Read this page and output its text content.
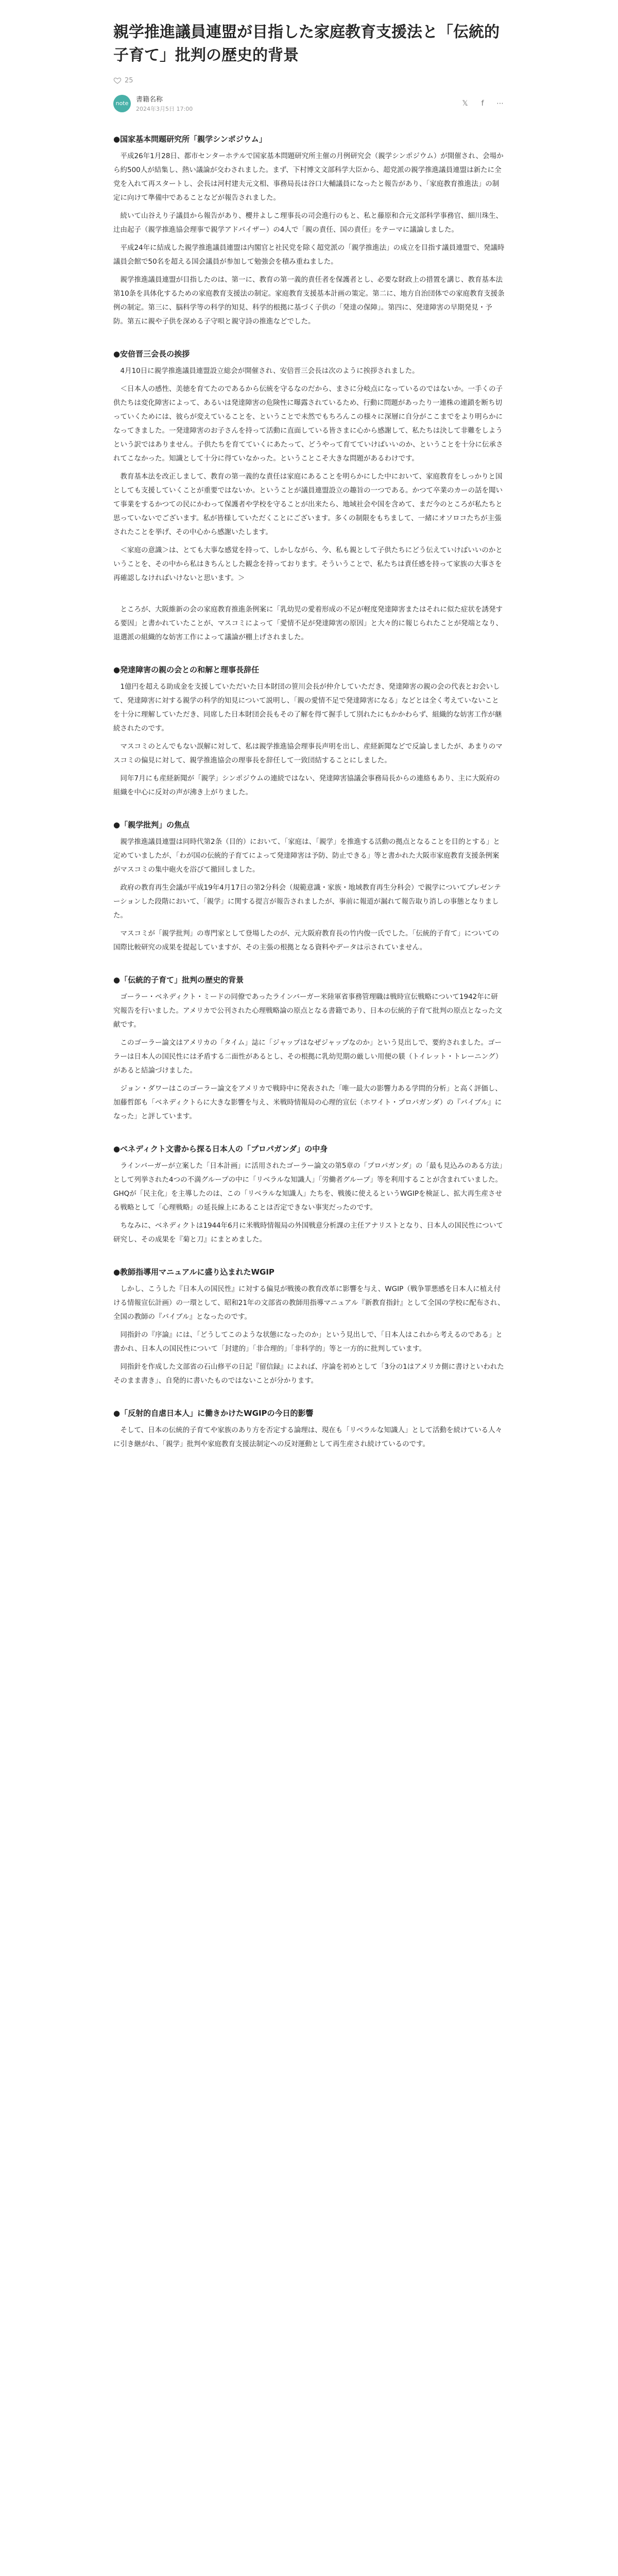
親学推進議員連盟が目指した家庭教育支援法と「伝統的子育て」批判の歴史的背景
25
note	書籍名称
2024年3月5日 17:00
𝕏	f	⋯
●国家基本問題研究所「親学シンポジウム」

平成26年1月28日、都市センターホテルで国家基本問題研究所主催の月例研究会（親学シンポジウム）が開催され、会場から約500人が結集し、熱い議論が交わされました。まず、下村博文文部科学大臣から、超党派の親学推進議員連盟は新たに全党を入れて再スタートし、会長は河村建夫元文相、事務局長は谷口大輔議員になったと報告があり、「家庭教育推進法」の制定に向けて準備中であることなどが報告されました。

続いて山谷えり子議員から報告があり、櫻井よしこ理事長の司会進行のもと、私と藤原和合元文部科学事務官、細川珠生、辻由起子（親学推進協会理事で親学アドバイザー）の4人で「親の責任、国の責任」をテーマに議論しました。

平成24年に結成した親学推進議員連盟は内閣官と社民党を除く超党派の「親学推進法」の成立を目指す議員連盟で、発議時議員会館で50名を超える国会議員が参加して勉強会を積み重ねました。

親学推進議員連盟が目指したのは、第一に、教育の第一義的責任者を保護者とし、必要な財政上の措置を講じ、教育基本法第10条を具体化するための家庭教育支援法の制定。家庭教育支援基本計画の策定。第二に、地方自治団体での家庭教育支援条例の制定。第三に、脳科学等の科学的知見、科学的根拠に基づく子供の「発達の保障」。第四に、発達障害の早期発見・予防。第五に親や子供を深める子守唄と親守詩の推進などでした。

●安倍晋三会長の挨拶

4月10日に親学推進議員連盟設立総会が開催され、安倍晋三会長は次のように挨拶されました。

＜日本人の感性、美徳を育てたのであるから伝統を守るなのだから、まさに分岐点になっているのではないか。一手くの子供たちは変化障害によって、あるいは発達障害の危険性に曝露されているため、行動に問題があったり一連株の連鎖を断ち切っていくためには、彼らが変えていることを、ということで未然でもちろんこの様々に深層に自分がここまでをより明らかになってきました。一発達障害のお子さんを持って活動に直面している皆さまに心から感謝して、私たちは決して非難をしようという訳ではありません。子供たちを育てていくにあたって、どうやって育てていけばいいのか、ということを十分に伝承されてこなかった。知識として十分に得ていなかった。ということこそ大きな問題があるわけです。

教育基本法を改正しまして、教育の第一義的な責任は家庭にあることを明らかにした中において、家庭教育をしっかりと国としても支援していくことが重要ではないか。ということが議員連盟設立の趣旨の一つである。かつて卒業のカーの話を聞いて事業をするかつての民にかわって保護者や学校を守ることが出来たら、地域社会や国を含めて、まだ今のところが私たちと思っていないでございます。私が皆様していただくことにございます。多くの制限をもちまして、一緒にオソロコたちが主張されたことを挙げ、その中心から感謝いたします。

＜家庭の意識＞は、とても大事な感覚を持って、しかしながら、今、私も親として子供たちにどう伝えていけばいいのかということを、その中から私はきちんとした観念を持っております。そういうことで、私たちは責任感を持って家族の大事さを再確認しなければいけないと思います。＞

ところが、大阪維新の会の家庭教育推進条例案に「乳幼児の愛着形成の不足が軽度発達障害またはそれに似た症状を誘発する要因」と書かれていたことが、マスコミによって「愛情不足が発達障害の原因」と大々的に報じられたことが発端となり、退選派の組織的な妨害工作によって議論が棚上げされました。

●発達障害の親の会との和解と理事長辞任

1億円を超える助成金を支援していただいた日本財団の笹川会長が仲介していただき、発達障害の親の会の代表とお会いして、発達障害に対する親学の科学的知見について説明し、「親の愛情不足で発達障害になる」などとは全く考えていないことを十分に理解していただき、同席した日本財団会長もその了解を得て握手して別れたにもかかわらず、組織的な妨害工作が継続されたのです。

マスコミのとんでもない誤解に対して、私は親学推進協会理事長声明を出し、産経新聞などで反論しましたが、あまりのマスコミの偏見に対して、親学推進協会の理事長を辞任して一致団結することにしました。

同年7月にも産経新聞が「親学」シンポジウムの連続ではない、発達障害協議会事務局長からの連絡もあり、主に大阪府の組織を中心に反対の声が沸き上がりました。

●「親学批判」の焦点

親学推進議員連盟は同時代第2条（目的）において、「家庭は、「親学」を推進する活動の拠点となることを目的とする」と定めていましたが、「わが国の伝統的子育てによって発達障害は予防、防止できる」等と書かれた大阪市家庭教育支援条例案がマスコミの集中砲火を浴びて撤回しました。

政府の教育再生会議が平成19年4月17日の第2分科会（規範意識・家族・地域教育再生分科会）で親学についてプレゼンテーションした段階において、「親学」に関する提言が報告されましたが、事前に報道が漏れて報告取り消しの事態となりました。

マスコミが「親学批判」の専門家として登場したのが、元大阪府教育長の竹内俊一氏でした。「伝統的子育て」についての国際比較研究の成果を提起していますが、その主張の根拠となる資料やデータは示されていません。

●「伝統的子育て」批判の歴史的背景

ゴーラー・ベネディクト・ミードの同僚であったラインバーガー米陸軍省事務管理職は戦時宣伝戦略について1942年に研究報告を行いました。アメリカで公刊された心理戦略論の原点となる書籍であり、日本の伝統的子育て批判の原点となった文献です。

このゴーラー論文はアメリカの「タイム」誌に「ジャップはなぜジャップなのか」という見出しで、要約されました。ゴーラーは日本人の国民性には矛盾する二面性があるとし、その根拠に乳幼児期の厳しい用便の躾（トイレット・トレーニング）があると結論づけました。

ジョン・ダワーはこのゴーラー論文をアメリカで戦時中に発表された「唯一最大の影響力ある学問的分析」と高く評価し、加藤哲郎も「ベネディクトらに大きな影響を与え、米戦時情報局の心理的宣伝（ホワイト・プロパガンダ）の『バイブル』になった」と評しています。

●ベネディクト文書から探る日本人の「プロパガンダ」の中身

ラインバーガーが立案した「日本計画」に活用されたゴーラー論文の第5章の「プロパガンダ」の「最も見込みのある方法」として列挙された4つの不満グループの中に「リベラルな知識人」「労働者グループ」等を利用することが含まれていました。GHQが「民主化」を主導したのは、この「リベラルな知識人」たちを、戦後に使えるというWGIPを検証し、拡大再生産させる戦略として「心理戦略」の延長線上にあることは否定できない事実だったのです。

ちなみに、ベネディクトは1944年6月に米戦時情報局の外国戦意分析課の主任アナリストとなり、日本人の国民性について研究し、その成果を『菊と刀』にまとめました。

●教師指導用マニュアルに盛り込まれたWGIP

しかし、こうした『日本人の国民性』に対する偏見が戦後の教育改革に影響を与え、WGIP（戦争罪悪感を日本人に植え付ける情報宣伝計画）の一環として、昭和21年の文部省の教師用指導マニュアル『新教育指針』として全国の学校に配布され、全国の教師の『バイブル』となったのです。

同指針の『序論』には、「どうしてこのような状態になったのか」という見出しで、「日本人はこれから考えるのである」と書かれ、日本人の国民性について「封建的」「非合理的」「非科学的」等と一方的に批判しています。

同指針を作成した文部省の石山修平の日記『留信録』によれば、序論を初めとして「3分の1はアメリカ側に書けといわれたそのまま書き」、自発的に書いたものではないことが分かります。

●「反射的自虐日本人」に働きかけたWGIPの今日的影響

そして、日本の伝統的子育てや家族のあり方を否定する論理は、現在も「リベラルな知識人」として活動を続けている人々に引き継がれ、「親学」批判や家庭教育支援法制定への反対運動として再生産され続けているのです。
